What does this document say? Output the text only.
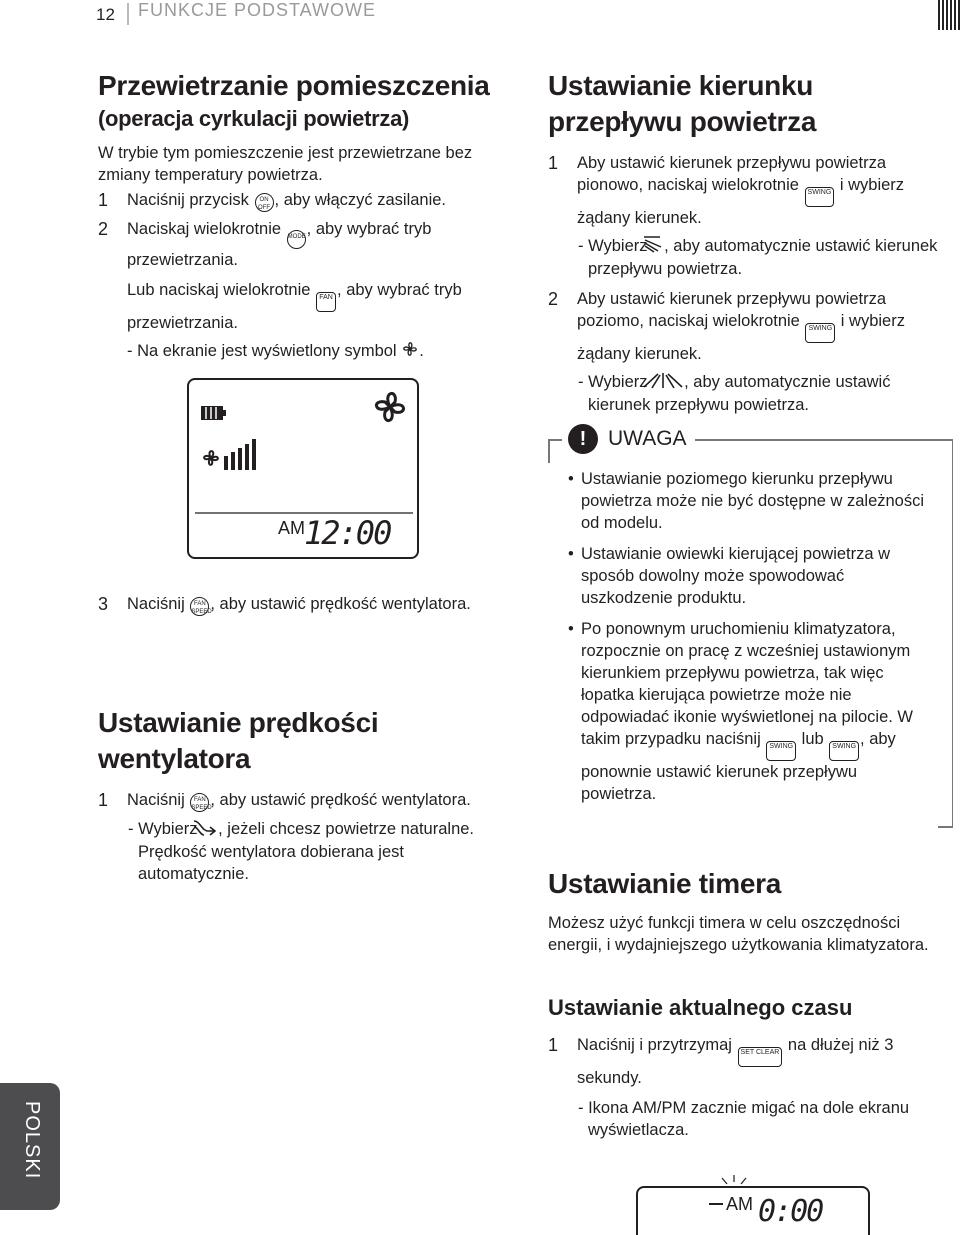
12 FUNKCJE PODSTAWOWE
Przewietrzanie pomieszczenia
(operacja cyrkulacji powietrza)

W trybie tym pomieszczenie jest przewietrzane bez zmiany temperatury powietrza.

1 Naciśnij przycisk ON OFF , aby włączyć zasilanie.
2 Naciskaj wielokrotnie MODE, aby wybrać tryb przewietrzania.
Lub naciskaj wielokrotnie FAN , aby wybrać tryb przewietrzania.
- Na ekranie jest wyświetlony symbol .
AM 12:00
3 Naciśnij FAN SPEED, aby ustawić prędkość wentylatora.
Ustawianie prędkości wentylatora
1 Naciśnij FAN SPEED, aby ustawić prędkość wentylatora.
- Wybierz , jeżeli chcesz powietrze naturalne.
Prędkość wentylatora dobierana jest automatycznie.
Ustawianie kierunku przepływu powietrza
1 Aby ustawić kierunek przepływu powietrza pionowo, naciskaj wielokrotnie SWING i wybierz żądany kierunek.
- Wybierz , aby automatycznie ustawić kierunek przepływu powietrza.
2 Aby ustawić kierunek przepływu powietrza poziomo, naciskaj wielokrotnie SWING i wybierz żądany kierunek.
- Wybierz , aby automatycznie ustawić kierunek przepływu powietrza.
!	UWAGA
• Ustawianie poziomego kierunku przepływu powietrza może nie być dostępne w zależności od modelu.
• Ustawianie owiewki kierującej powietrza w sposób dowolny może spowodować uszkodzenie produktu.
• Po ponownym uruchomieniu klimatyzatora, rozpocznie on pracę z wcześniej ustawionym kierunkiem przepływu powietrza, tak więc łopatka kierująca powietrze może nie odpowiadać ikonie wyświetlonej na pilocie. W takim przypadku naciśnij SWING lub SWING , aby ponownie ustawić kierunek przepływu powietrza.
Ustawianie timera

Możesz użyć funkcji timera w celu oszczędności energii, i wydajniejszego użytkowania klimatyzatora.

Ustawianie aktualnego czasu
1 Naciśnij i przytrzymaj SET CLEAR na dłużej niż 3 sekundy.
- Ikona AM/PM zacznie migać na dole ekranu wyświetlacza.
AM 0:00
POLSKI
